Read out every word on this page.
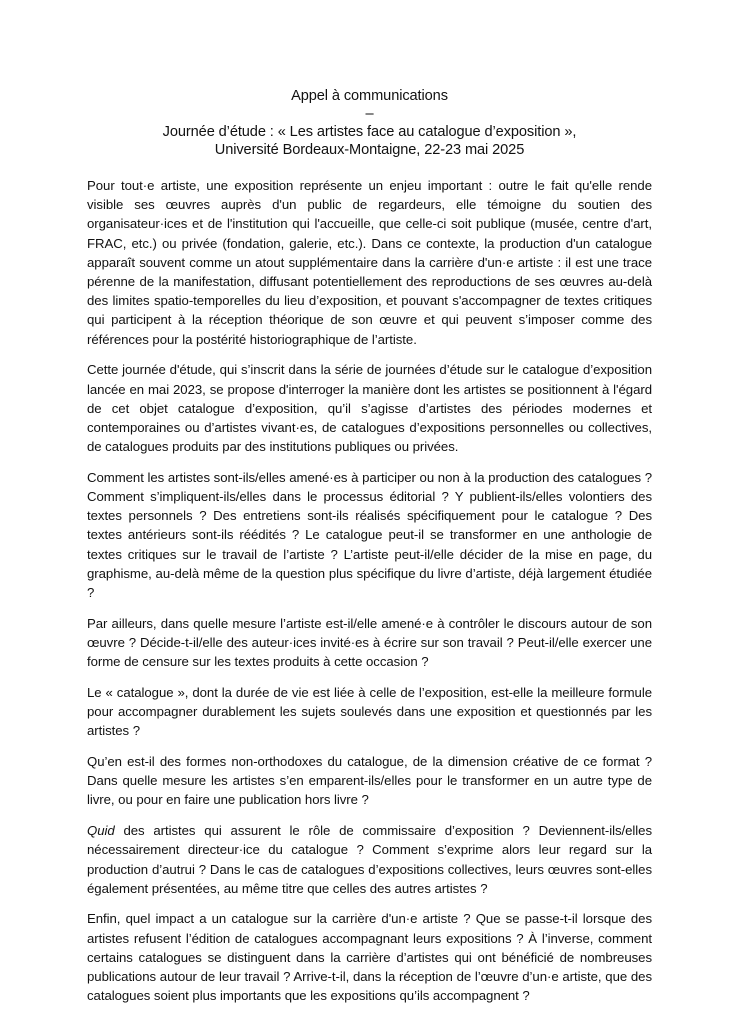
Appel à communications
–
Journée d’étude : « Les artistes face au catalogue d’exposition »,
Université Bordeaux-Montaigne, 22-23 mai 2025

Pour tout·e artiste, une exposition représente un enjeu important : outre le fait qu'elle rende visible ses œuvres auprès d'un public de regardeurs, elle témoigne du soutien des organisateur·ices et de l'institution qui l'accueille, que celle-ci soit publique (musée, centre d'art, FRAC, etc.) ou privée (fondation, galerie, etc.). Dans ce contexte, la production d'un catalogue apparaît souvent comme un atout supplémentaire dans la carrière d'un·e artiste : il est une trace pérenne de la manifestation, diffusant potentiellement des reproductions de ses œuvres au-delà des limites spatio-temporelles du lieu d’exposition, et pouvant s'accompagner de textes critiques qui participent à la réception théorique de son œuvre et qui peuvent s’imposer comme des références pour la postérité historiographique de l’artiste.

Cette journée d'étude, qui s’inscrit dans la série de journées d’étude sur le catalogue d’exposition lancée en mai 2023, se propose d'interroger la manière dont les artistes se positionnent à l'égard de cet objet catalogue d’exposition, qu’il s’agisse d’artistes des périodes modernes et contemporaines ou d’artistes vivant·es, de catalogues d’expositions personnelles ou collectives, de catalogues produits par des institutions publiques ou privées.

Comment les artistes sont-ils/elles amené·es à participer ou non à la production des catalogues ? Comment s’impliquent-ils/elles dans le processus éditorial ? Y publient-ils/elles volontiers des textes personnels ? Des entretiens sont-ils réalisés spécifiquement pour le catalogue ? Des textes antérieurs sont-ils réédités ? Le catalogue peut-il se transformer en une anthologie de textes critiques sur le travail de l’artiste ? L’artiste peut-il/elle décider de la mise en page, du graphisme, au-delà même de la question plus spécifique du livre d’artiste, déjà largement étudiée ?

Par ailleurs, dans quelle mesure l’artiste est-il/elle amené·e à contrôler le discours autour de son œuvre ? Décide-t-il/elle des auteur·ices invité·es à écrire sur son travail ? Peut-il/elle exercer une forme de censure sur les textes produits à cette occasion ?

Le « catalogue », dont la durée de vie est liée à celle de l’exposition, est-elle la meilleure formule pour accompagner durablement les sujets soulevés dans une exposition et questionnés par les artistes ?

Qu’en est-il des formes non-orthodoxes du catalogue, de la dimension créative de ce format ? Dans quelle mesure les artistes s’en emparent-ils/elles pour le transformer en un autre type de livre, ou pour en faire une publication hors livre ?

Quid des artistes qui assurent le rôle de commissaire d’exposition ? Deviennent-ils/elles nécessairement directeur·ice du catalogue ? Comment s’exprime alors leur regard sur la production d’autrui ? Dans le cas de catalogues d’expositions collectives, leurs œuvres sont-elles également présentées, au même titre que celles des autres artistes ?

Enfin, quel impact a un catalogue sur la carrière d'un·e artiste ? Que se passe-t-il lorsque des artistes refusent l’édition de catalogues accompagnant leurs expositions ? À l’inverse, comment certains catalogues se distinguent dans la carrière d’artistes qui ont bénéficié de nombreuses publications autour de leur travail ? Arrive-t-il, dans la réception de l’œuvre d’un·e artiste, que des catalogues soient plus importants que les expositions qu’ils accompagnent ?
